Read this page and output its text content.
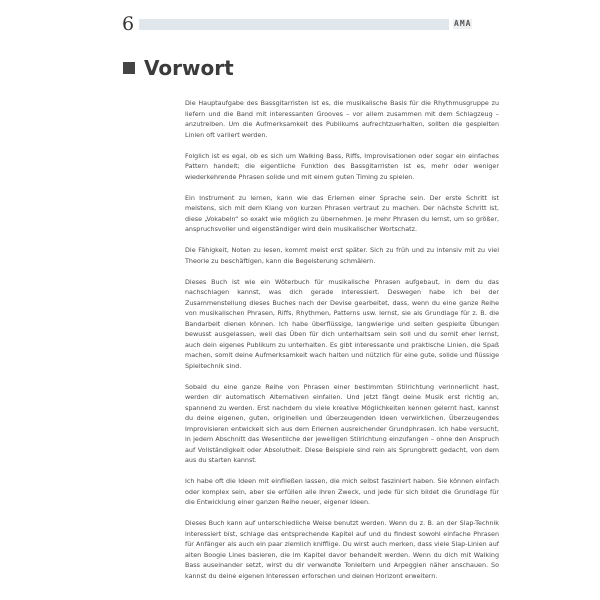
6	AMA
Vorwort

Die Hauptaufgabe des Bassgitarristen ist es, die musikalische Basis für die Rhythmusgruppe zu liefern und die Band mit interessanten Grooves – vor allem zusammen mit dem Schlagzeug – anzutreiben. Um die Aufmerksamkeit des Publikums aufrechtzuerhalten, sollten die gespielten Linien oft variiert werden.

Folglich ist es egal, ob es sich um Walking Bass, Riffs, Improvisationen oder sogar ein einfaches Pattern handelt; die eigentliche Funktion des Bassgitarristen ist es, mehr oder weniger wiederkehrende Phrasen solide und mit einem guten Timing zu spielen.

Ein Instrument zu lernen, kann wie das Erlernen einer Sprache sein. Der erste Schritt ist meistens, sich mit dem Klang von kurzen Phrasen vertraut zu machen. Der nächste Schritt ist, diese „Vokabeln“ so exakt wie möglich zu übernehmen. Je mehr Phrasen du lernst, um so größer, anspruchsvoller und eigenständiger wird dein musikalischer Wortschatz.

Die Fähigkeit, Noten zu lesen, kommt meist erst später. Sich zu früh und zu intensiv mit zu viel Theorie zu beschäftigen, kann die Begeisterung schmälern.

Dieses Buch ist wie ein Wöterbuch für musikalische Phrasen aufgebaut, in dem du das nachschlagen kannst, was dich gerade interessiert. Deswegen habe ich bei der Zusammenstellung dieses Buches nach der Devise gearbeitet, dass, wenn du eine ganze Reihe von musikalischen Phrasen, Riffs, Rhythmen, Patterns usw. lernst, sie als Grundlage für z. B. die Bandarbeit dienen können. Ich habe überflüssige, langwierige und selten gespielte Übungen bewusst ausgelassen, weil das Üben für dich unterhaltsam sein soll und du somit eher lernst, auch dein eigenes Publikum zu unterhalten. Es gibt interessante und praktische Linien, die Spaß machen, somit deine Aufmerksamkeit wach halten und nützlich für eine gute, solide und flüssige Spieltechnik sind.

Sobald du eine ganze Reihe von Phrasen einer bestimmten Stilrichtung verinnerlicht hast, werden dir automatisch Alternativen einfallen. Und jetzt fängt deine Musik erst richtig an, spannend zu werden. Erst nachdem du viele kreative Möglichkeiten kennen gelernt hast, kannst du deine eigenen, guten, originellen und überzeugenden Ideen verwirklichen. Überzeugendes Improvisieren entwickelt sich aus dem Erlernen ausreichender Grundphrasen. Ich habe versucht, in jedem Abschnitt das Wesentliche der jeweiligen Stilrichtung einzufangen – ohne den Anspruch auf Vollständigkeit oder Absolutheit. Diese Beispiele sind rein als Sprungbrett gedacht, von dem aus du starten kannst.

Ich habe oft die Ideen mit einfließen lassen, die mich selbst fasziniert haben. Sie können einfach oder komplex sein, aber sie erfüllen alle ihren Zweck, und jede für sich bildet die Grundlage für die Entwicklung einer ganzen Reihe neuer, eigener Ideen.

Dieses Buch kann auf unterschiedliche Weise benutzt werden. Wenn du z. B. an der Slap-Technik interessiert bist, schlage das entsprechende Kapitel auf und du findest sowohl einfache Phrasen für Anfänger als auch ein paar ziemlich knifflige. Du wirst auch merken, dass viele Slap-Linien auf alten Boogie Lines basieren, die im Kapitel davor behandelt werden. Wenn du dich mit Walking Bass auseinander setzt, wirst du dir verwandte Tonleitern und Arpeggien näher anschauen. So kannst du deine eigenen Interessen erforschen und deinen Horizont erweitern.
